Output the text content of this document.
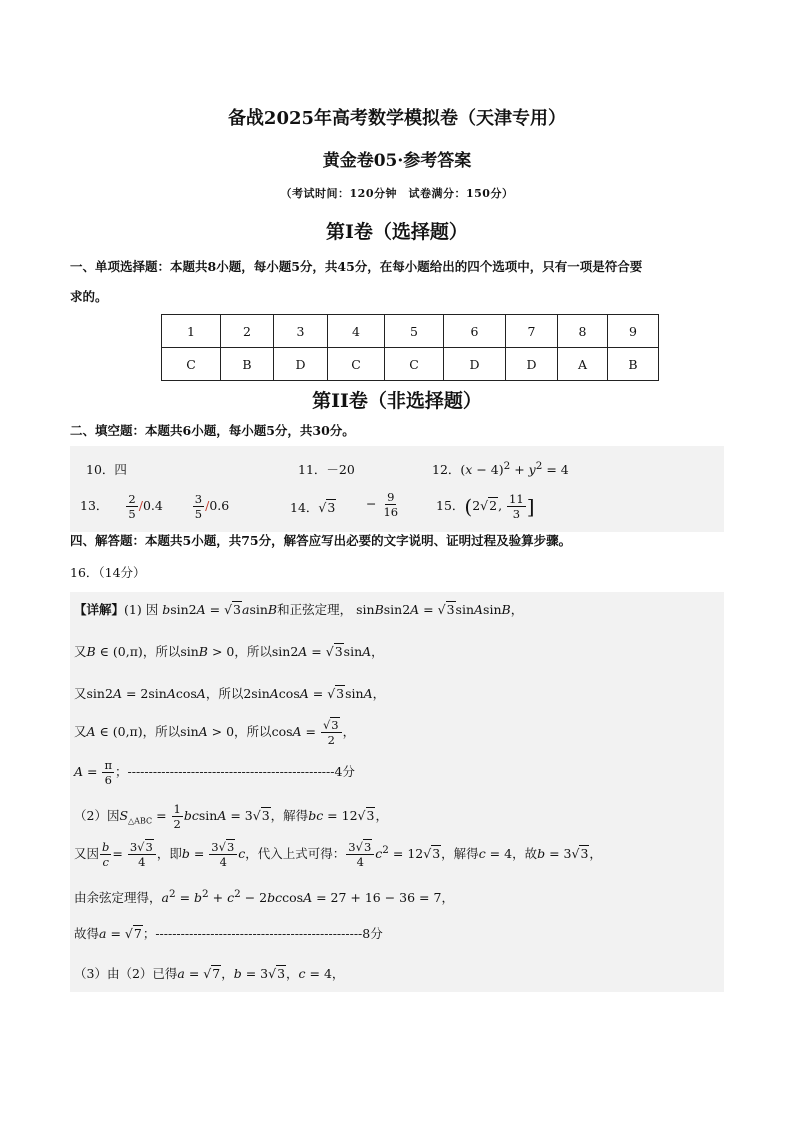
备战2025年高考数学模拟卷（天津专用）
黄金卷05·参考答案
（考试时间：120分钟　试卷满分：150分）
第I卷（选择题）
一、单项选择题：本题共8小题，每小题5分，共45分，在每小题给出的四个选项中，只有一项是符合要
求的。
1	2	3	4	5	6	7	8	9
C	B	D	C	C	D	D	A	B
第II卷（非选择题）
二、填空题：本题共6小题，每小题5分，共30分。
10．四	11．－20	12．$(x - 4)^2 + y^2 = 4$
13． $\frac{2}{5} /0.4 \frac{3}{5} /0.6$	14．$√3 - \frac{9}{16}$	15．(2√2, $\frac{11}{3}$ ]
四、解答题：本题共5小题，共75分，解答应写出必要的文字说明、证明过程及验算步骤。
16．（14分）
【详解】(1) 因 bsin2A = √3asinB和正弦定理， sinBsin2A = √3sinAsinB，
又B ∈ (0,π)，所以sinB > 0，所以sin2A = √3sinA，
又sin2A = 2sinAcosA，所以2sinAcosA = √3sinA，
又A ∈ (0,π)，所以sinA > 0，所以$\cos A = \frac{√3}{2}$ ，
$A = \frac{\pi}{6}$ ；-------------------------------------------------4分
（2）因$S_{\triangle ABC} = \frac{1}{2}$ bcsinA = 3√3，解得bc = 12√3，
又因 $\frac{b}{c} = \frac{3√3}{4}$ ，即$b = \frac{3√3}{4}$ c，代入上式可得： $\frac{3√3}{4} c^2 = 12√3$，解得c = 4，故b = 3√3，
由余弦定理得，$a^2 = b^2 + c^2 - 2bccosA = 27 + 16 - 36 = 7$，
故得a = √7；-------------------------------------------------8分
（3）由（2）已得a = √7，b = 3√3，c = 4，
